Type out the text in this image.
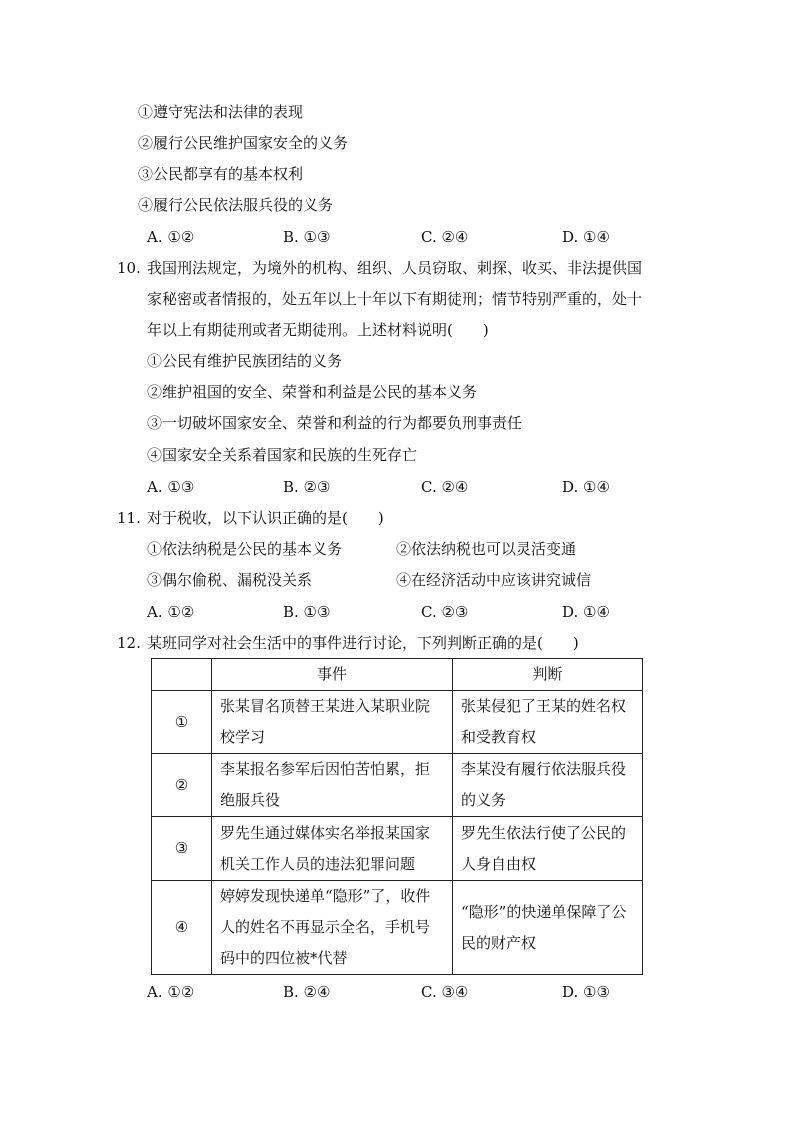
①遵守宪法和法律的表现
②履行公民维护国家安全的义务
③公民都享有的基本权利
④履行公民依法服兵役的义务
A. ①②	B. ①③	C. ②④	D. ①④
10. 我国刑法规定，为境外的机构、组织、人员窃取、刺探、收买、非法提供国
家秘密或者情报的，处五年以上十年以下有期徒刑；情节特别严重的，处十
年以上有期徒刑或者无期徒刑。上述材料说明(　　)
①公民有维护民族团结的义务
②维护祖国的安全、荣誉和利益是公民的基本义务
③一切破坏国家安全、荣誉和利益的行为都要负刑事责任
④国家安全关系着国家和民族的生死存亡
A. ①③	B. ②③	C. ②④	D. ①④
11. 对于税收，以下认识正确的是(　　)
①依法纳税是公民的基本义务	②依法纳税也可以灵活变通
③偶尔偷税、漏税没关系	④在经济活动中应该讲究诚信
A. ①②	B. ①③	C. ②③	D. ①④
12. 某班同学对社会生活中的事件进行讨论，下列判断正确的是(　　)
	事件	判断
①	张某冒名顶替王某进入某职业院校学习	张某侵犯了王某的姓名权和受教育权
②	李某报名参军后因怕苦怕累，拒绝服兵役	李某没有履行依法服兵役的义务
③	罗先生通过媒体实名举报某国家机关工作人员的违法犯罪问题	罗先生依法行使了公民的人身自由权
④	婷婷发现快递单“隐形”了，收件人的姓名不再显示全名，手机号码中的四位被*代替	“隐形”的快递单保障了公民的财产权
A. ①②	B. ②④	C. ③④	D. ①③
